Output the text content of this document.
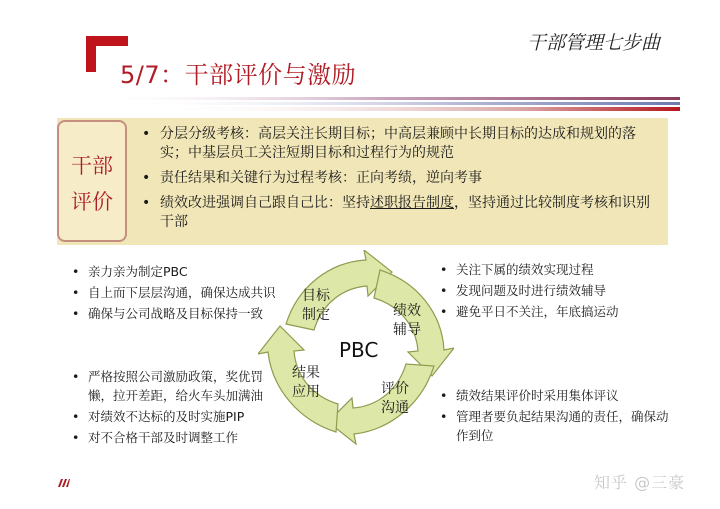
干部管理七步曲
5/7：干部评价与激励
干部
评价
• 分层分级考核：高层关注长期目标；中高层兼顾中长期目标的达成和规划的落实；中基层员工关注短期目标和过程行为的规范
• 责任结果和关键行为过程考核：正向考绩，逆向考事
• 绩效改进强调自己跟自己比：坚持述职报告制度，坚持通过比较制度考核和识别干部
• 亲力亲为制定PBC
• 自上而下层层沟通，确保达成共识
• 确保与公司战略及目标保持一致
• 严格按照公司激励政策，奖优罚懒，拉开差距，给火车头加满油
• 对绩效不达标的及时实施PIP
• 对不合格干部及时调整工作
• 关注下属的绩效实现过程
• 发现问题及时进行绩效辅导
• 避免平日不关注，年底搞运动
• 绩效结果评价时采用集体评议
• 管理者要负起结果沟通的责任，确保动作到位
目标
制定	绩效
辅导
评价
沟通
结果
应用
PBC
知乎 @三豪
